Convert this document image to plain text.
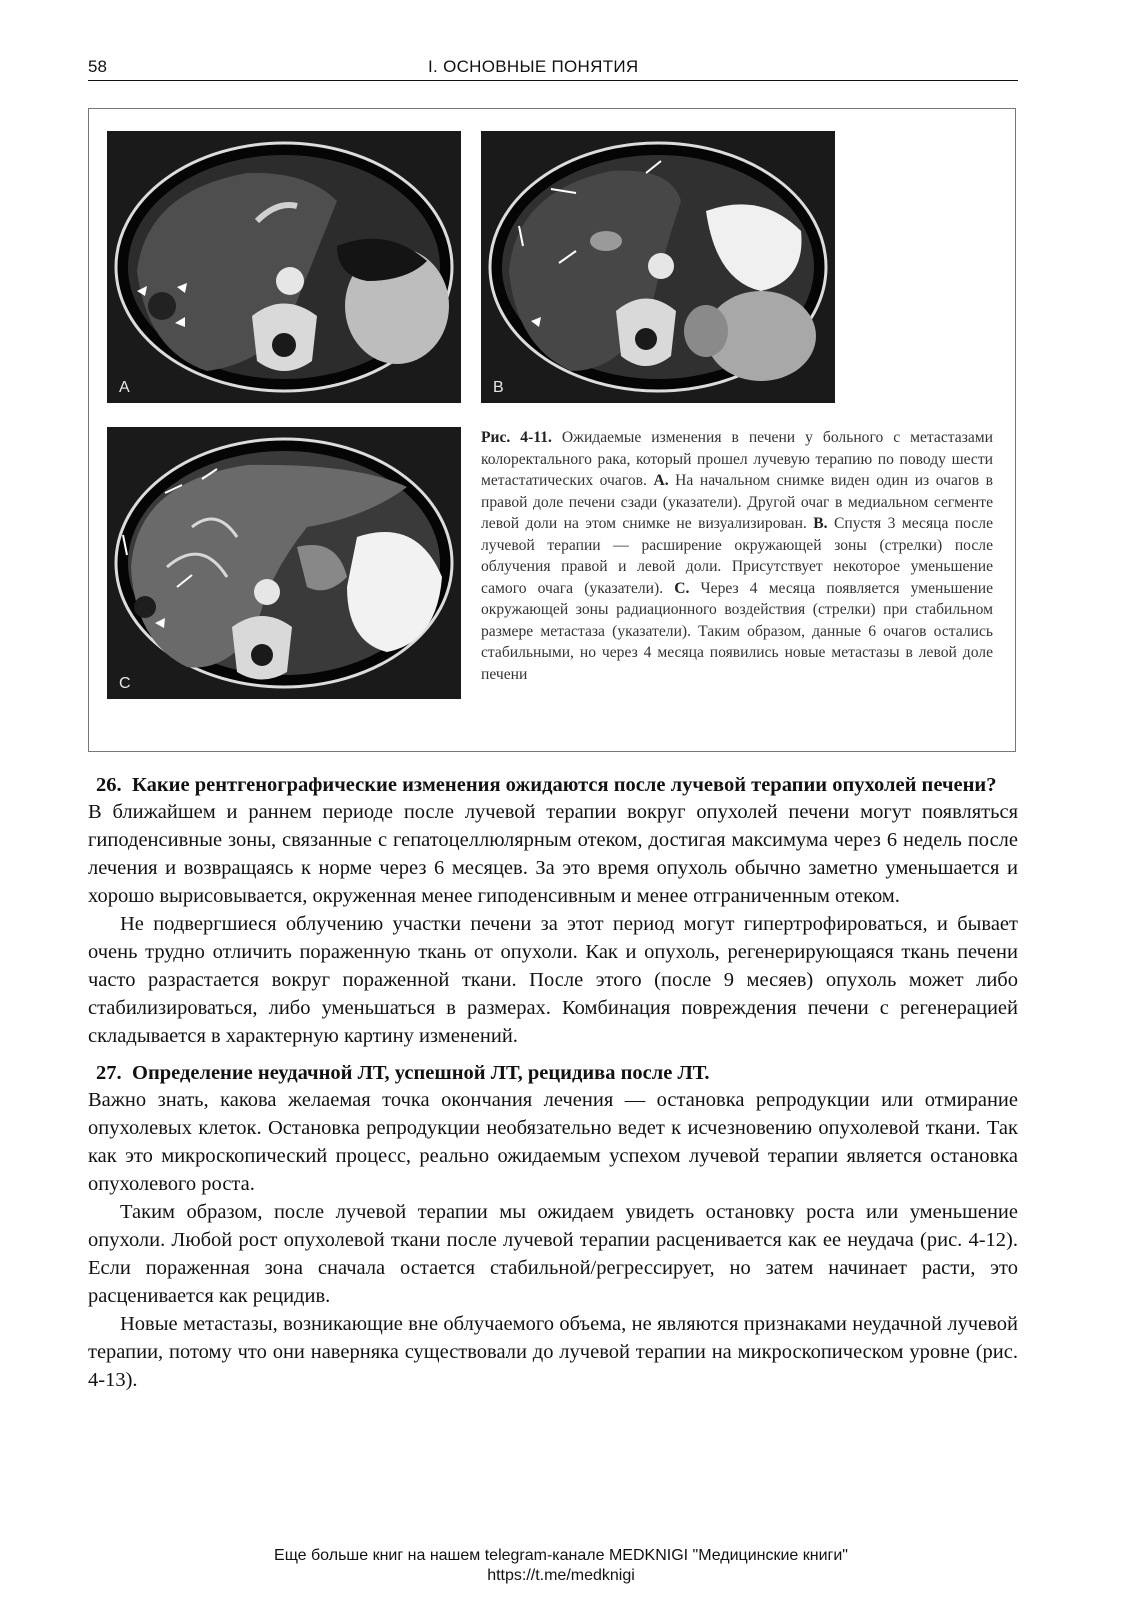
58	I. ОСНОВНЫЕ ПОНЯТИЯ
A	B
C
Рис. 4-11. Ожидаемые изменения в печени у больного с метастазами колоректального рака, который прошел лучевую терапию по поводу шести метастатических очагов. A. На начальном снимке виден один из очагов в правой доле печени сзади (указатели). Другой очаг в медиальном сегменте левой доли на этом снимке не визуализирован. B. Спустя 3 месяца после лучевой терапии — расширение окружающей зоны (стрелки) после облучения правой и левой доли. Присутствует некоторое уменьшение самого очага (указатели). C. Через 4 месяца появляется уменьшение окружающей зоны радиационного воздействия (стрелки) при стабильном размере метастаза (указатели). Таким образом, данные 6 очагов остались стабильными, но через 4 месяца появились новые метастазы в левой доле печени
26. Какие рентгенографические изменения ожидаются после лучевой терапии опухолей печени?

В ближайшем и раннем периоде после лучевой терапии вокруг опухолей печени могут появляться гиподенсивные зоны, связанные с гепатоцеллюлярным отеком, достигая максимума через 6 недель после лечения и возвращаясь к норме через 6 месяцев. За это время опухоль обычно заметно уменьшается и хорошо вырисовывается, окруженная менее гиподенсивным и менее отграниченным отеком.

Не подвергшиеся облучению участки печени за этот период могут гипертрофироваться, и бывает очень трудно отличить пораженную ткань от опухоли. Как и опухоль, регенерирующаяся ткань печени часто разрастается вокруг пораженной ткани. После этого (после 9 месяев) опухоль может либо стабилизироваться, либо уменьшаться в размерах. Комбинация повреждения печени с регенерацией складывается в характерную картину изменений.

27. Определение неудачной ЛТ, успешной ЛТ, рецидива после ЛТ.

Важно знать, какова желаемая точка окончания лечения — остановка репродукции или отмирание опухолевых клеток. Остановка репродукции необязательно ведет к исчезновению опухолевой ткани. Так как это микроскопический процесс, реально ожидаемым успехом лучевой терапии является остановка опухолевого роста.

Таким образом, после лучевой терапии мы ожидаем увидеть остановку роста или уменьшение опухоли. Любой рост опухолевой ткани после лучевой терапии расценивается как ее неудача (рис. 4-12). Если пораженная зона сначала остается стабильной/регрессирует, но затем начинает расти, это расценивается как рецидив.

Новые метастазы, возникающие вне облучаемого объема, не являются признаками неудачной лучевой терапии, потому что они наверняка существовали до лучевой терапии на микроскопическом уровне (рис. 4-13).

Еще больше книг на нашем telegram-канале MEDKNIGI "Медицинские книги"
https://t.me/medknigi
